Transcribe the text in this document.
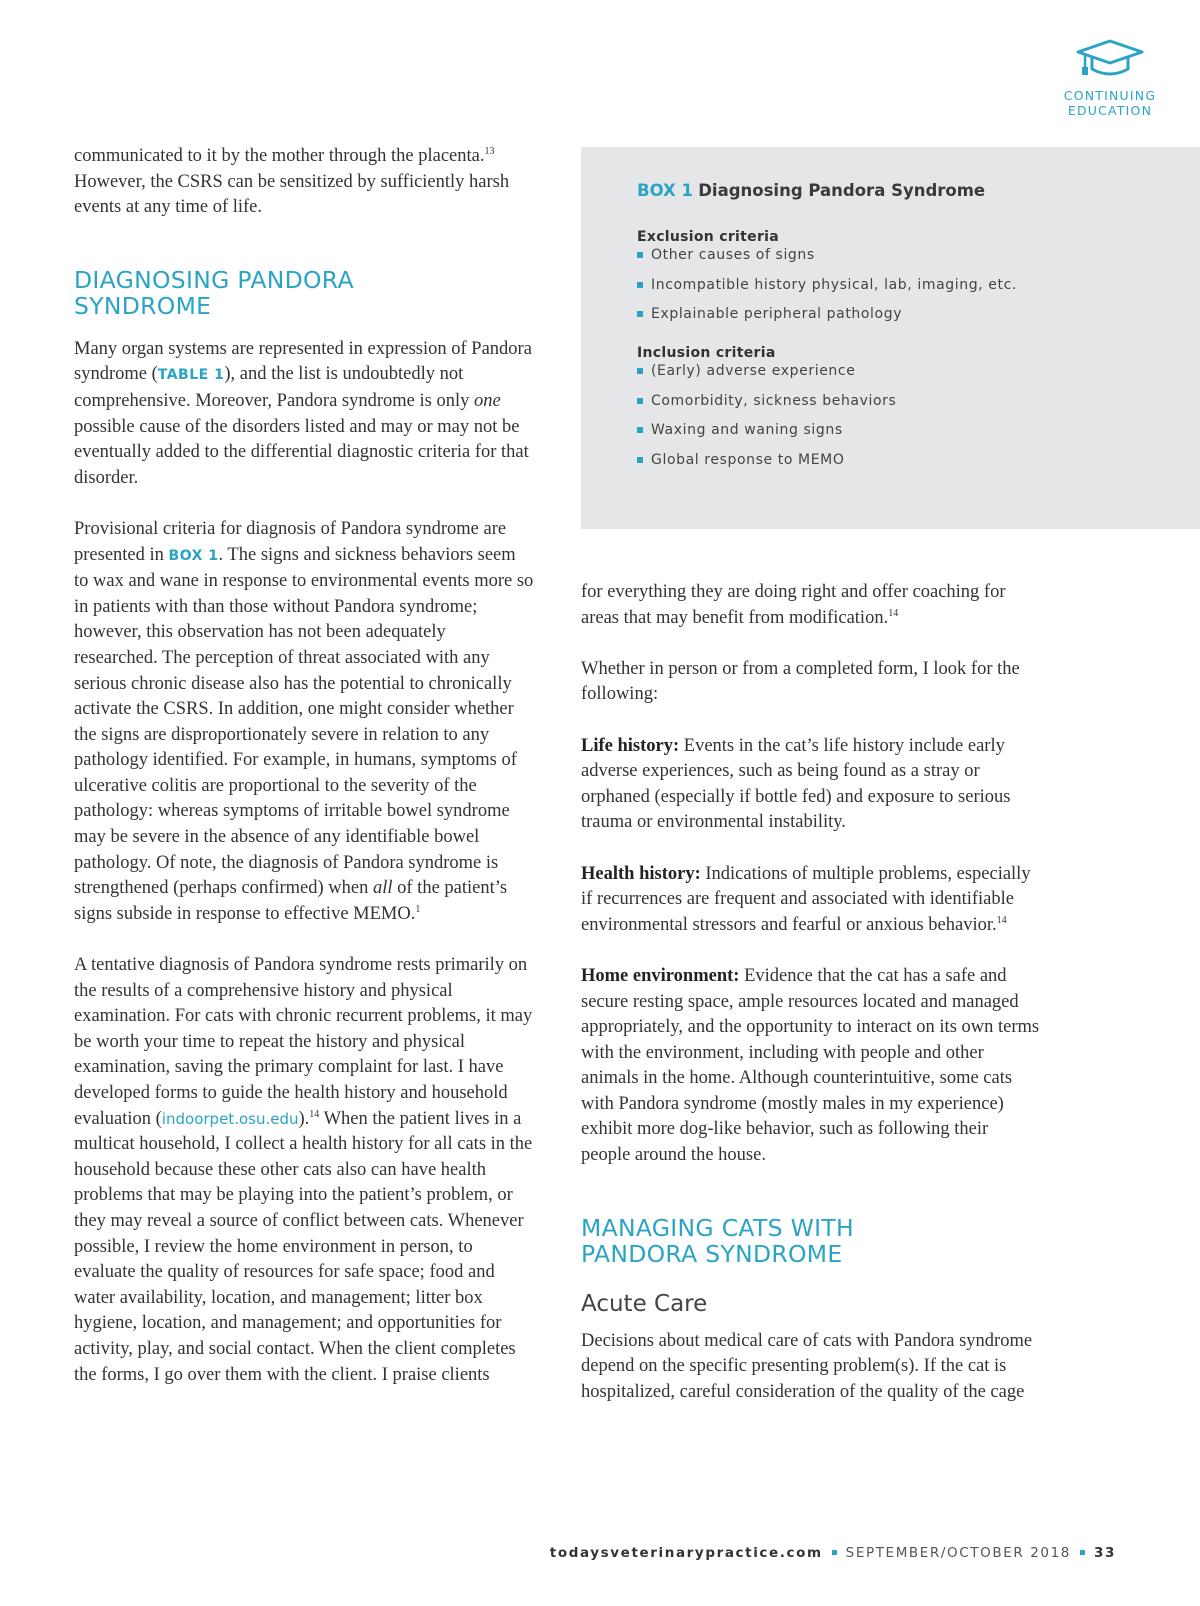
CONTINUING
EDUCATION

communicated to it by the mother through the placenta.$^{13}$ However, the CSRS can be sensitized by sufficiently harsh events at any time of life.

DIAGNOSING PANDORA
SYNDROME

Many organ systems are represented in expression of Pandora syndrome (TABLE 1), and the list is undoubtedly not comprehensive. Moreover, Pandora syndrome is only one possible cause of the disorders listed and may or may not be eventually added to the differential diagnostic criteria for that disorder.

Provisional criteria for diagnosis of Pandora syndrome are presented in BOX 1. The signs and sickness behaviors seem to wax and wane in response to environmental events more so in patients with than those without Pandora syndrome; however, this observation has not been adequately researched. The perception of threat associated with any serious chronic disease also has the potential to chronically activate the CSRS. In addition, one might consider whether the signs are disproportionately severe in relation to any pathology identified. For example, in humans, symptoms of ulcerative colitis are proportional to the severity of the pathology: whereas symptoms of irritable bowel syndrome may be severe in the absence of any identifiable bowel pathology. Of note, the diagnosis of Pandora syndrome is strengthened (perhaps confirmed) when all of the patient’s signs subside in response to effective MEMO.$^1$

A tentative diagnosis of Pandora syndrome rests primarily on the results of a comprehensive history and physical examination. For cats with chronic recurrent problems, it may be worth your time to repeat the history and physical examination, saving the primary complaint for last. I have developed forms to guide the health history and household evaluation (indoorpet.osu.edu).$^{14}$ When the patient lives in a multicat household, I collect a health history for all cats in the household because these other cats also can have health problems that may be playing into the patient’s problem, or they may reveal a source of conflict between cats. Whenever possible, I review the home environment in person, to evaluate the quality of resources for safe space; food and water availability, location, and management; litter box hygiene, location, and management; and opportunities for activity, play, and social contact. When the client completes the forms, I go over them with the client. I praise clients

BOX 1 Diagnosing Pandora Syndrome
Exclusion criteria
Other causes of signs
Incompatible history physical, lab, imaging, etc.
Explainable peripheral pathology
Inclusion criteria
(Early) adverse experience
Comorbidity, sickness behaviors
Waxing and waning signs
Global response to MEMO

for everything they are doing right and offer coaching for areas that may benefit from modification.$^{14}$

Whether in person or from a completed form, I look for the following:

Life history: Events in the cat’s life history include early adverse experiences, such as being found as a stray or orphaned (especially if bottle fed) and exposure to serious trauma or environmental instability.

Health history: Indications of multiple problems, especially if recurrences are frequent and associated with identifiable environmental stressors and fearful or anxious behavior.$^{14}$

Home environment: Evidence that the cat has a safe and secure resting space, ample resources located and managed appropriately, and the opportunity to interact on its own terms with the environment, including with people and other animals in the home. Although counterintuitive, some cats with Pandora syndrome (mostly males in my experience) exhibit more dog-like behavior, such as following their people around the house.

MANAGING CATS WITH
PANDORA SYNDROME
Acute Care

Decisions about medical care of cats with Pandora syndrome depend on the specific presenting problem(s). If the cat is hospitalized, careful consideration of the quality of the cage

todaysveterinarypractice.com SEPTEMBER/OCTOBER 2018 33
